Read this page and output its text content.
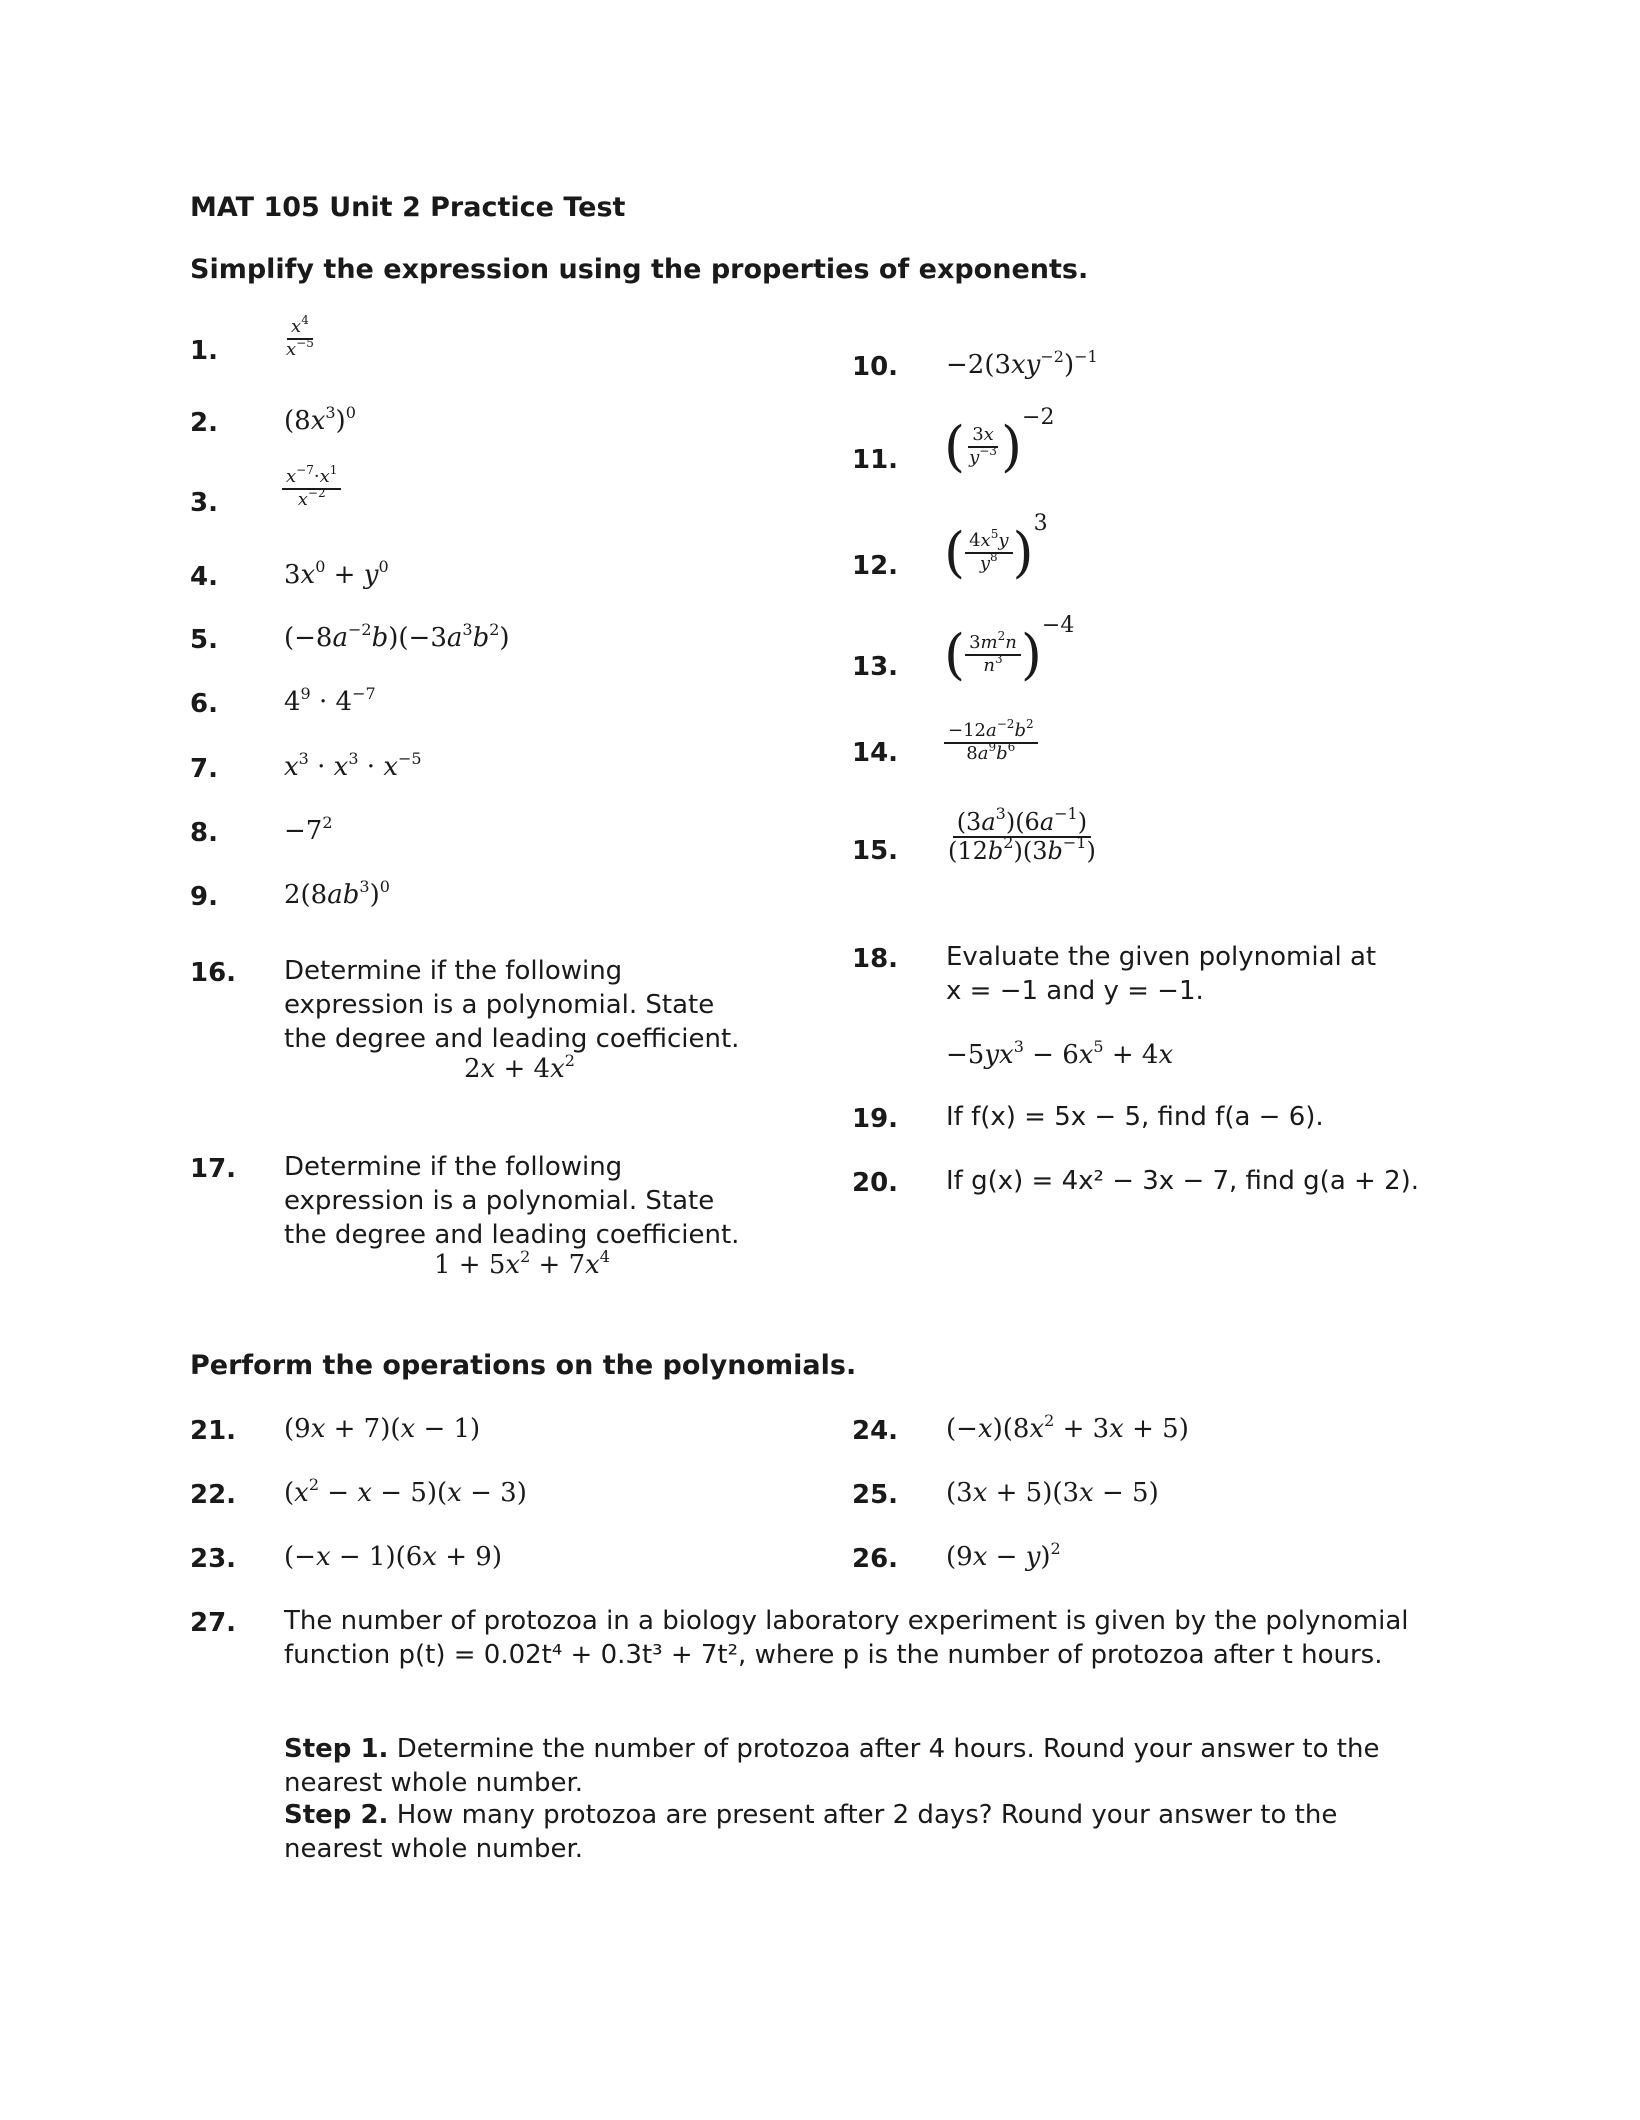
MAT 105 Unit 2 Practice Test
Simplify the expression using the properties of exponents.
1.
2.
3.
4.
5.
6.
7.
8.
9.
$\frac{x^4}{x^{-5}}$
$(8x^3)^0$
$\frac{x^{-7}\cdot x^1}{x^{-2}}$
$3x^0 + y^0$
$(-8a^{-2}b)(-3a^3b^2)$
$4^9 \cdot 4^{-7}$
$x^3 \cdot x^3 \cdot x^{-5}$
$-7^2$
$2(8ab^3)^0$
10.
11.
12.
13.
14.
15.
$-2(3xy^{-2})^{-1}$
( $\frac{3x}{y^{-3}} )^{-2}$
( $\frac{4x^5y}{y^8} )^3$
( $\frac{3m^2n}{n^3} )^{-4}$
$\frac{-12a^{-2}b^2}{8a^9b^6}$
$\frac{(3a^3)(6a^{-1})}{(12b^2)(3b^{-1})}$
16. Determine if the following expression is a polynomial. State the degree and leading coefficient.
$2x + 4x^2$
17. Determine if the following expression is a polynomial. State the degree and leading coefficient.
$1 + 5x^2 + 7x^4$
18. Evaluate the given polynomial at x = −1 and y = −1.
$-5yx^3 - 6x^5 + 4x$
19. If f(x) = 5x − 5, find f(a − 6).
20. If g(x) = 4x² − 3x − 7, find g(a + 2).
Perform the operations on the polynomials.
21. (9x + 7)(x − 1)
22. $(x^2 - x - 5)(x - 3)$
23. (−x − 1)(6x + 9)
24. $(-x)(8x^2 + 3x + 5)$
25. (3x + 5)(3x − 5)
26. $(9x - y)^2$
27. The number of protozoa in a biology laboratory experiment is given by the polynomial function p(t) = 0.02t⁴ + 0.3t³ + 7t², where p is the number of protozoa after t hours.
Step 1. Determine the number of protozoa after 4 hours. Round your answer to the nearest whole number.
Step 2. How many protozoa are present after 2 days? Round your answer to the nearest whole number.
